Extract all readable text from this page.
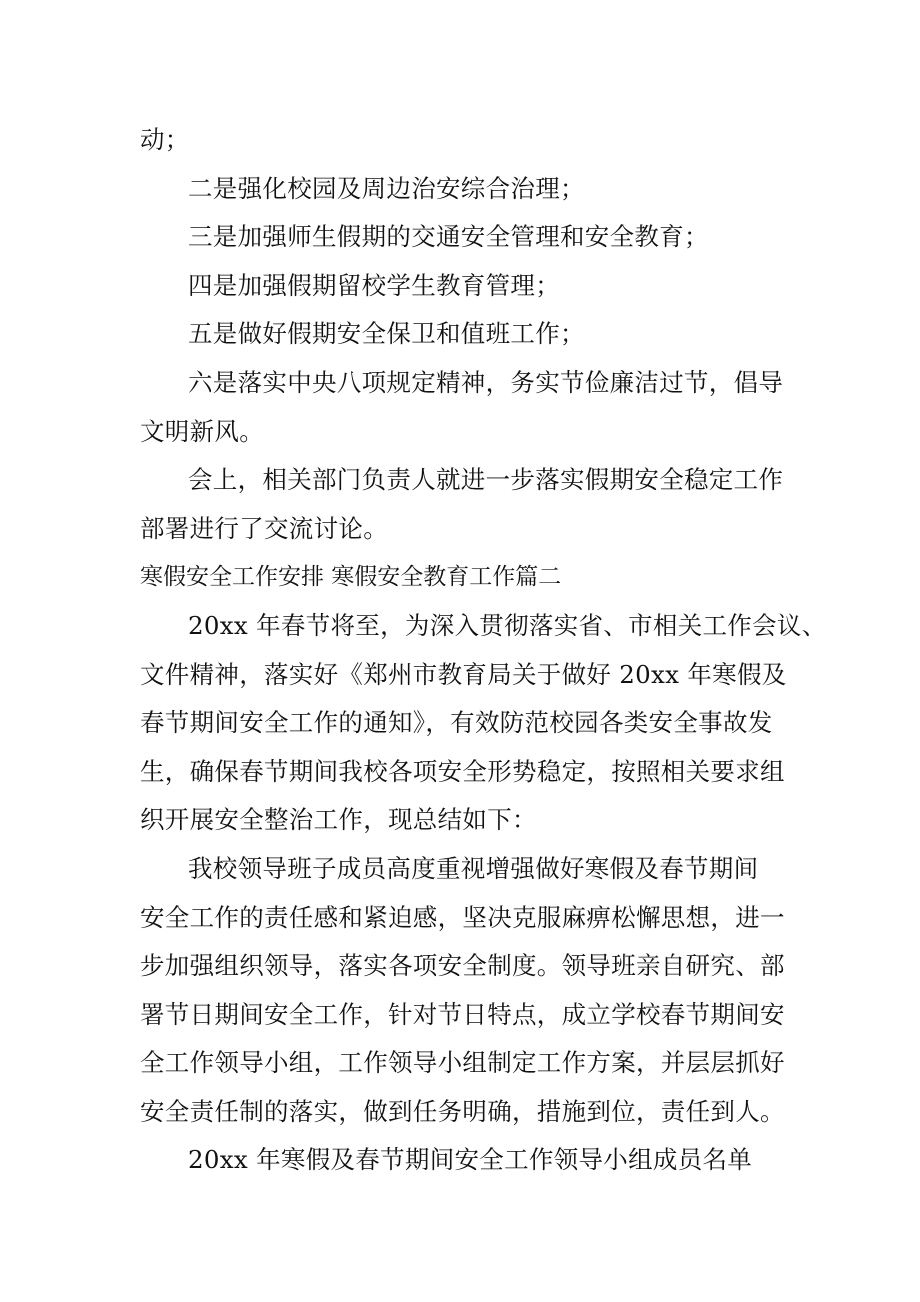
动；

二是强化校园及周边治安综合治理；

三是加强师生假期的交通安全管理和安全教育；

四是加强假期留校学生教育管理；

五是做好假期安全保卫和值班工作；

六是落实中央八项规定精神，务实节俭廉洁过节，倡导

文明新风。

会上，相关部门负责人就进一步落实假期安全稳定工作

部署进行了交流讨论。

寒假安全工作安排 寒假安全教育工作篇二

20xx 年春节将至，为深入贯彻落实省、市相关工作会议、

文件精神，落实好《郑州市教育局关于做好 20xx 年寒假及

春节期间安全工作的通知》，有效防范校园各类安全事故发

生，确保春节期间我校各项安全形势稳定，按照相关要求组

织开展安全整治工作，现总结如下：

我校领导班子成员高度重视增强做好寒假及春节期间

安全工作的责任感和紧迫感，坚决克服麻痹松懈思想，进一

步加强组织领导，落实各项安全制度。领导班亲自研究、部

署节日期间安全工作，针对节日特点，成立学校春节期间安

全工作领导小组，工作领导小组制定工作方案，并层层抓好

安全责任制的落实，做到任务明确，措施到位，责任到人。

20xx 年寒假及春节期间安全工作领导小组成员名单
